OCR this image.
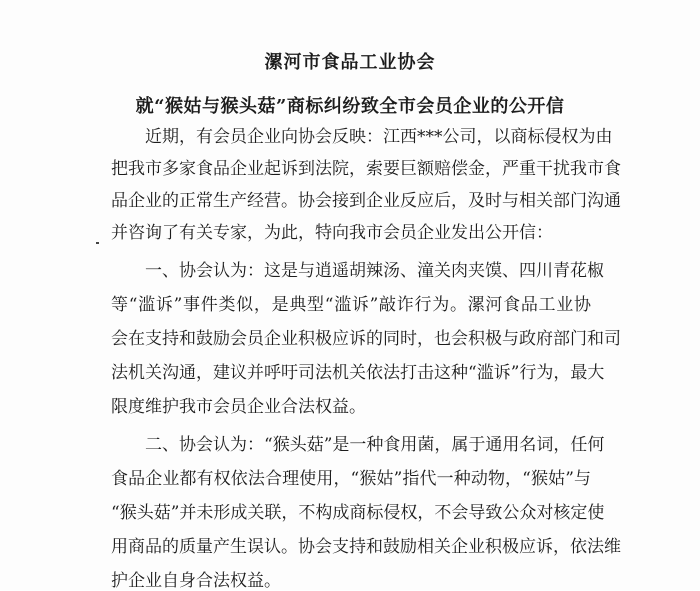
漯河市食品工业协会
就“猴姑与猴头菇”商标纠纷致全市会员企业的公开信
近期，有会员企业向协会反映：江西***公司，以商标侵权为由
把我市多家食品企业起诉到法院，索要巨额赔偿金，严重干扰我市食
品企业的正常生产经营。协会接到企业反应后，及时与相关部门沟通
并咨询了有关专家，为此，特向我市会员企业发出公开信：
一、协会认为：这是与逍遥胡辣汤、潼关肉夹馍、四川青花椒
等“滥诉”事件类似，是典型“滥诉”敲诈行为。漯河食品工业协
会在支持和鼓励会员企业积极应诉的同时，也会积极与政府部门和司
法机关沟通，建议并呼吁司法机关依法打击这种“滥诉”行为，最大
限度维护我市会员企业合法权益。
二、协会认为：“猴头菇”是一种食用菌，属于通用名词，任何
食品企业都有权依法合理使用，“猴姑”指代一种动物，“猴姑”与
“猴头菇”并未形成关联，不构成商标侵权，不会导致公众对核定使
用商品的质量产生误认。协会支持和鼓励相关企业积极应诉，依法维
护企业自身合法权益。
